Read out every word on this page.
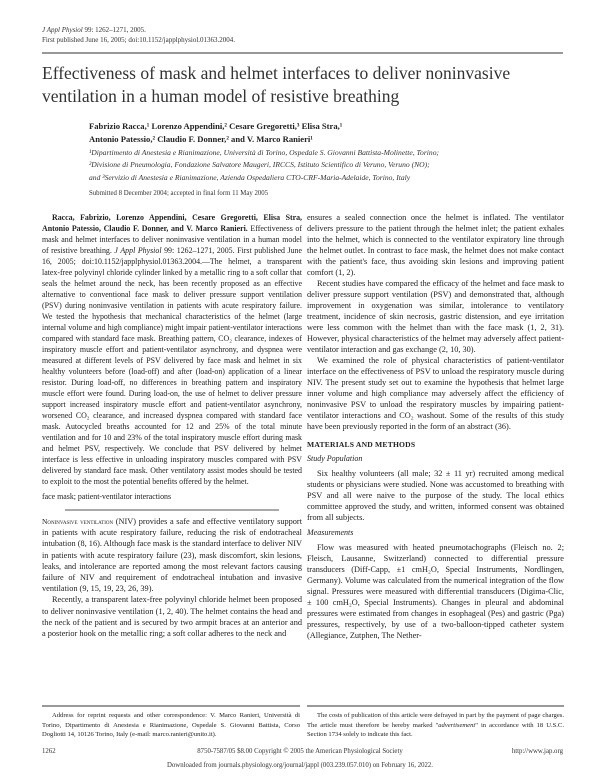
J Appl Physiol 99: 1262–1271, 2005.
First published June 16, 2005; doi:10.1152/japplphysiol.01363.2004.
Effectiveness of mask and helmet interfaces to deliver noninvasive
ventilation in a human model of resistive breathing
Fabrizio Racca,¹ Lorenzo Appendini,² Cesare Gregoretti,³ Elisa Stra,¹
Antonio Patessio,² Claudio F. Donner,² and V. Marco Ranieri¹
¹Dipartimento di Anestesia e Rianimazione, Università di Torino, Ospedale S. Giovanni Battista-Molinette, Torino;
²Divisione di Pneumologia, Fondazione Salvatore Maugeri, IRCCS, Istituto Scientifico di Veruno, Veruno (NO);
and ³Servizio di Anestesia e Rianimazione, Azienda Ospedaliera CTO-CRF-Maria-Adelaide, Torino, Italy
Submitted 8 December 2004; accepted in final form 11 May 2005
Racca, Fabrizio, Lorenzo Appendini, Cesare Gregoretti, Elisa Stra, Antonio Patessio, Claudio F. Donner, and V. Marco Ranieri. Effectiveness of mask and helmet interfaces to deliver noninvasive ventilation in a human model of resistive breathing. J Appl Physiol 99: 1262–1271, 2005. First published June 16, 2005; doi:10.1152/japplphysiol.01363.2004.—The helmet, a transparent latex-free polyvinyl chloride cylinder linked by a metallic ring to a soft collar that seals the helmet around the neck, has been recently proposed as an effective alternative to conventional face mask to deliver pressure support ventilation (PSV) during noninvasive ventilation in patients with acute respiratory failure. We tested the hypothesis that mechanical characteristics of the helmet (large internal volume and high compliance) might impair patient-ventilator interactions compared with standard face mask. Breathing pattern, CO₂ clearance, indexes of inspiratory muscle effort and patient-ventilator asynchrony, and dyspnea were measured at different levels of PSV delivered by face mask and helmet in six healthy volunteers before (load-off) and after (load-on) application of a linear resistor. During load-off, no differences in breathing pattern and inspiratory muscle effort were found. During load-on, the use of helmet to deliver pressure support increased inspiratory muscle effort and patient-ventilator asynchrony, worsened CO₂ clearance, and increased dyspnea compared with standard face mask. Autocycled breaths accounted for 12 and 25% of the total minute ventilation and for 10 and 23% of the total inspiratory muscle effort during mask and helmet PSV, respectively. We conclude that PSV delivered by helmet interface is less effective in unloading inspiratory muscles compared with PSV delivered by standard face mask. Other ventilatory assist modes should be tested to exploit to the most the potential benefits offered by the helmet.
face mask; patient-ventilator interactions

Noninvasive ventilation (NIV) provides a safe and effective ventilatory support in patients with acute respiratory failure, reducing the risk of endotracheal intubation (8, 16). Although face mask is the standard interface to deliver NIV in patients with acute respiratory failure (23), mask discomfort, skin lesions, leaks, and intolerance are reported among the most relevant factors causing failure of NIV and requirement of endotracheal intubation and invasive ventilation (9, 15, 19, 23, 26, 39).

Recently, a transparent latex-free polyvinyl chloride helmet been proposed to deliver noninvasive ventilation (1, 2, 40). The helmet contains the head and the neck of the patient and is secured by two armpit braces at an anterior and a posterior hook on the metallic ring; a soft collar adheres to the neck and

ensures a sealed connection once the helmet is inflated. The ventilator delivers pressure to the patient through the helmet inlet; the patient exhales into the helmet, which is connected to the ventilator expiratory line through the helmet outlet. In contrast to face mask, the helmet does not make contact with the patient's face, thus avoiding skin lesions and improving patient comfort (1, 2).

Recent studies have compared the efficacy of the helmet and face mask to deliver pressure support ventilation (PSV) and demonstrated that, although improvement in oxygenation was similar, intolerance to ventilatory treatment, incidence of skin necrosis, gastric distension, and eye irritation were less common with the helmet than with the face mask (1, 2, 31). However, physical characteristics of the helmet may adversely affect patient-ventilator interaction and gas exchange (2, 10, 30).

We examined the role of physical characteristics of patient-ventilator interface on the effectiveness of PSV to unload the respiratory muscle during NIV. The present study set out to examine the hypothesis that helmet large inner volume and high compliance may adversely affect the efficiency of noninvasive PSV to unload the respiratory muscles by impairing patient-ventilator interactions and CO₂ washout. Some of the results of this study have been previously reported in the form of an abstract (36).

MATERIALS AND METHODS
Study Population

Six healthy volunteers (all male; 32 ± 11 yr) recruited among medical students or physicians were studied. None was accustomed to breathing with PSV and all were naive to the purpose of the study. The local ethics committee approved the study, and written, informed consent was obtained from all subjects.

Measurements

Flow was measured with heated pneumotachographs (Fleisch no. 2; Fleisch, Lausanne, Switzerland) connected to differential pressure transducers (Diff-Capp, ±1 cmH₂O, Special Instruments, Nordlingen, Germany). Volume was calculated from the numerical integration of the flow signal. Pressures were measured with differential transducers (Digima-Clic, ± 100 cmH₂O, Special Instruments). Changes in pleural and abdominal pressures were estimated from changes in esophageal (Pes) and gastric (Pga) pressures, respectively, by use of a two-balloon-tipped catheter system (Allegiance, Zutphen, The Nether-

Address for reprint requests and other correspondence: V. Marco Ranieri, Università di Torino, Dipartimento di Anestesia e Rianimazione, Ospedale S. Giovanni Battista, Corso Dogliotti 14, 10126 Torino, Italy (e-mail: marco.ranieri@unito.it).
The costs of publication of this article were defrayed in part by the payment of page charges. The article must therefore be hereby marked "advertisement" in accordance with 18 U.S.C. Section 1734 solely to indicate this fact.
1262	8750-7587/05 $8.00 Copyright © 2005 the American Physiological Society	http://www.jap.org
Downloaded from journals.physiology.org/journal/jappl (003.239.057.010) on February 16, 2022.
